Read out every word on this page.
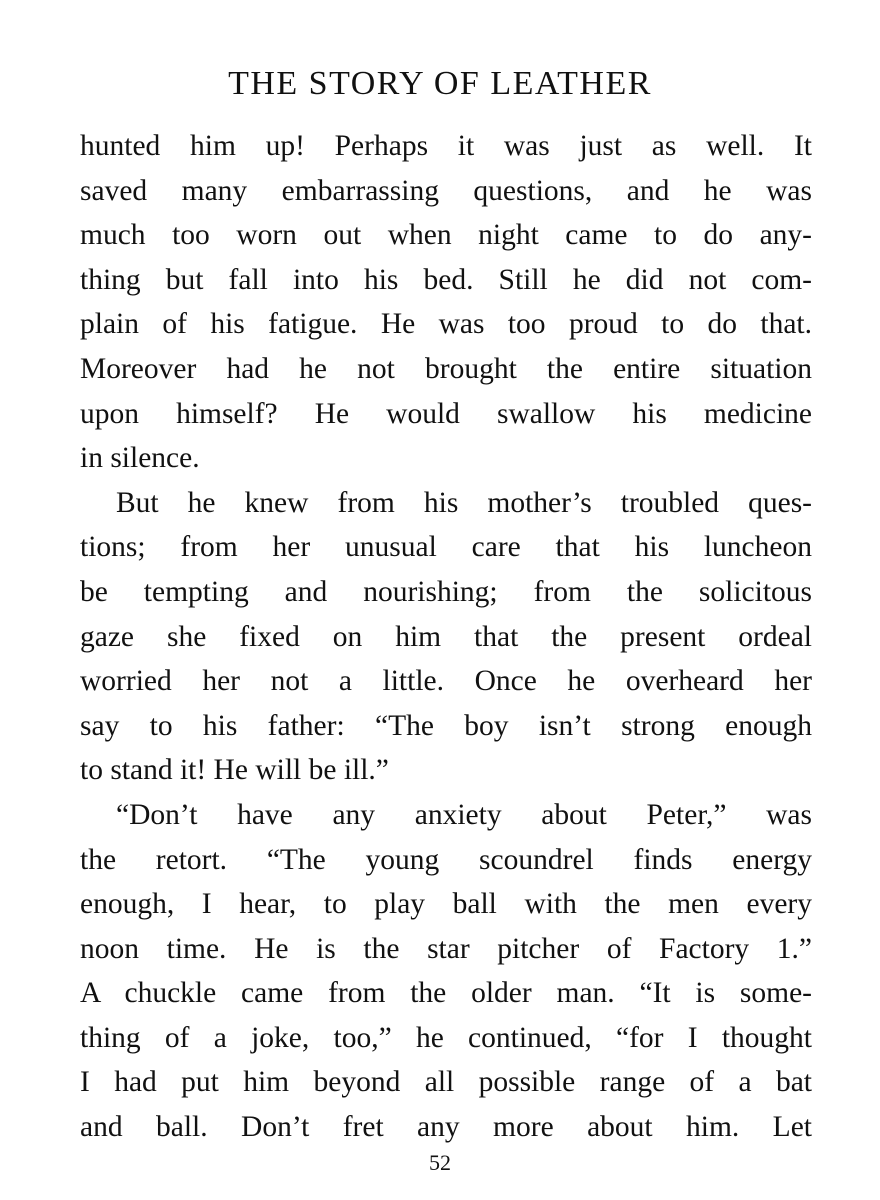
THE STORY OF LEATHER
hunted him up! Perhaps it was just as well. It
saved many embarrassing questions, and he was
much too worn out when night came to do any-
thing but fall into his bed. Still he did not com-
plain of his fatigue. He was too proud to do that.
Moreover had he not brought the entire situation
upon himself? He would swallow his medicine
in silence.
But he knew from his mother’s troubled ques-
tions; from her unusual care that his luncheon
be tempting and nourishing; from the solicitous
gaze she fixed on him that the present ordeal
worried her not a little. Once he overheard her
say to his father: “The boy isn’t strong enough
to stand it! He will be ill.”
“Don’t have any anxiety about Peter,” was
the retort. “The young scoundrel finds energy
enough, I hear, to play ball with the men every
noon time. He is the star pitcher of Factory 1.”
A chuckle came from the older man. “It is some-
thing of a joke, too,” he continued, “for I thought
I had put him beyond all possible range of a bat
and ball. Don’t fret any more about him. Let
52
